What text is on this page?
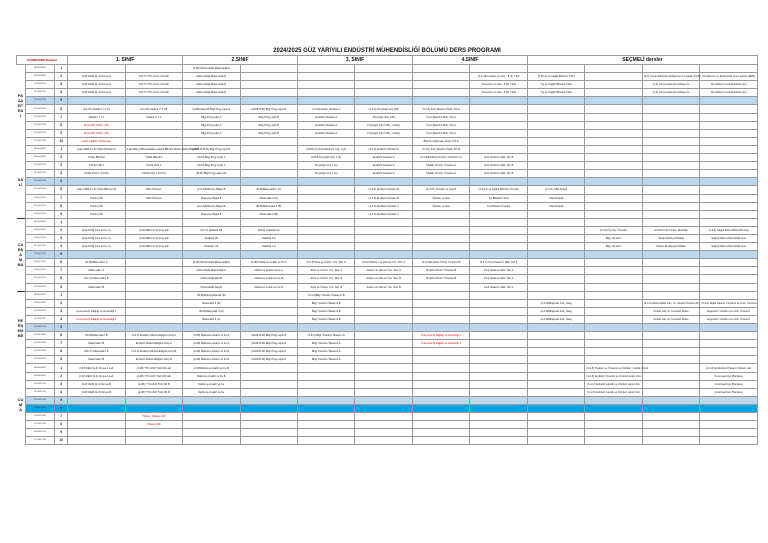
2024/2025 GÜZ YARIYILI ENDÜSTRİ MÜHENDİSLİĞİ BÖLÜMÜ DERS PROGRAMI
HAMMADDE Bölümü			1. SINIF		2.SINIF		3. SINIF		4.SINIF		SEÇMELİ dersler			
PAZARTESİ	08:00-08:50	1			(2-08) Mühendislik Matematiği A									
	09:00-09:50	2	(CAT-DEM 11-3) Kimya A	(CK-5) YTÜ-UUK Türk Dili	Mühendislik Matematiği B					(3-4-6)Prosesler ve Güç - 8.(3) 7.ED	(3-4)Tıp ve Sağlık Bilimleri Tıbbi		(3-4) Computational Intelligence in Logistic (UAB)	Simülasyon ve Endüstride Güç Logistic (ERB)
	10:00-10:50	3	(CAT-DEM 11-3) Kimya A	(CK-5) YTÜ-UUK Türk Dili	Mühendislik Matematiği B					Prosesler ve Güç - 8.(3) 7.ED	Tıp ve Sağlık Bilimleri Tıbbi		(3-4) Computational Intelligence	Simülasyon ve Endüstride Güç
	11:00-11:50	4	(CAT-DEM 11-3) Kimya A	(CK-5) YTÜ-UUK Türk Dili	Mühendislik Matematiği B					Prosesler ve Güç - 8.(3) 7.ED	Tıp ve Sağlık Bilimleri Tıbbi		(3-4) Computational Intelligence	Simülasyon ve Endüstride Güç
	12:00-12:50	5												
	13:00-13:50	6	(CA-07) Atatürk İ.İ.T 1A	(CA-09) Atatürk İ.İ.T 1B	(A208-Ulaş-M) Bilgi Prog.Lojist A	(A208-M-M) Bilgi Prog.Lojist B	(3-4) Endüstri Tesisleri A	(3-4-6) Fizyolojik Güç 1(B)	(3-4-6) Kısıt Tasarımı Mak. Teh A					
	14:00-14:50	7	Atatürk İ.İ.T 1	Atatürk İ.İ.T 1	Bilgi Prog.Lojist A	Bilgi Prog.Lojist B	Endüstri Tesisleri A	Fizyolojik Güç 1(B)	Kısıt Tasarımı Mak. Teh A					
	15:00-15:50	8	Kurumsal Yönet. (YD)		Bilgi Prog.Lojist A	Bilgi Prog.Lojist B	Endüstri Tesisleri A	Fizyolojik Güç 1 (B) - Lab(A)	Kısıt Tasarımı Mak. Teh A					
	16:00-16:50	9	Kurumsal Yönet. (YD)		Bilgi Prog.Lojist A	Bilgi Prog.Lojist B	Endüstri Tesisleri A	Fizyolojik Güç 1 (B) - Lab(A)	Kısıt Tasarımı Mak. Teh A					
	17:00-17:50	10	Loreley Eğitim Danışmanı						Bitirme Çalışması Süreç Teh A					
SALI	08:00-08:50	1	(Lab-LSB13) Lİk Türkle Bilimleri A	(Lab-MSL) Mühendislikte Lojistik Bilimler Mühendisleri Bilimleri	(A208-M-M-M) Bilgi Prog.Lojist B		(A253-2) Lİk Endüstriyel Güç. 1(A)	(3-4-6) Endüstri Tesisleri A	(3-4-6) Kısıt Tasarımı Mak. Teh B					
	09:00-09:50	2	Türkle Bilimleri	Türkle Bilimleri	(M-M) Bilgi Prog.Lojist 1		Lİk/Mİ Fizyolojik Güç 1 (A)	Endüstri Tesisleri A	(3-4-6)Endüstri Ürünler Yönetimi 1 A	Kısıt Tasarımı Mak. Teh B				
	10:00-10:50	3	Türkle Fizik 1	Türkle Fizik 1	(M-M) Bilgi Prog.Lojist 1		Fizyolojik Güç 1 (A)	Endüstri Tesisleri A	Mutlak Ürünler Yönetimi A	Kısıt Tasarımı Mak. Teh B				
	11:00-11:50	4	Türkle Fizik 1 (CA43)	Türkle Fizik 1 (CA47)	(M-M) Bilgi Prog.Lojist 1A)		Fizyolojik Güç 1 (A)	Endüstri Tesisleri A	Mutlak Ürünler Yönetimi A	Kısıt Tasarımı Mak. Teh B				
	12:00-12:50	5												
	13:00-13:50	6	(Lab-LSB13) Lİk Türkle Bilimleri B	MİS Gİrİmsel	(2-4-4)Malzeme Bilgisi B	(B-M)Matematik II (A)		(3-4-6) Endüstri Tesisleri B	(3-4-6T) Tesisler ve Güç B	(3-4)Tıp ve Sağlık Bilimleri Ürünleri	(3-4-6) Tıbbi Sisteti			
	14:00-14:50	7	Türkle Fizik	MİS Gİrİmsel	Malzeme Bilgisi B	Matematik II (A)		(3-4-6) Endüstri Tesisleri B	Tesisler ve Güç	Tıp Bilimleri Ürünl	Tıbbi Sistetik			
	15:00-15:50	8	Türkle Fizik		(2-4-4)Malzeme Bilgisi B	(M-M)Matematik II (B)		(3-4-6) Endüstri Tesisleri 1	Tesisler ve Güç	Tıp Bilimleri Ürünleri	Tıbbi Sistetik			
	16:00-16:50	9	Türkle Fizik		Malzeme Bilgisi B	Matematik II (B)		(3-4-6) Endüstri Tesisleri 1						
ÇARŞAMBA	08:00-08:50	1												
	09:00-09:50	2	(A-M-M-M) Kimi Kimi Lı A	(CAT-DEM 11-3) Kimya B	(D4-T) İstatistik 1B	(2M-3) İstatistik II A						(3-4-6) İŞ Güç Yönetimi	(3-M-M-3-D) Sistem Moduları	(3-4-6) Sağlık Ekim Mühendisi Güç
	10:00-10:50	3	(A-M-M-M) Kimi Kimi Lı A	(CAT-DEM 11-3) Kimya B	İstatistik 1B	İstatistik II A						Bilgi Yönetimi	Sis-Endüstriyel Makas	Sağlığı Ekim Mühendislik Güç
	11:00-11:50	4	(A-M-M-M) Kimi Kimi Lı A	(CAT-DEM 11-3) Kimya B	İstatistik 1 B	İstatistik 1 A						Bilgi Yönetimi	Sistem Endüstriyel Makas	Sağlığı Ekim Mühendislik Güç
	12:00-12:50	5												
	13:00-13:50	6	(B-M)Matematik I A		(2-08) Mühendislik Matematiği A	(2-08) Malzeme Analizi ve Fe A	(3-4-6)Tesis ve Üretim Yön. Sist. A	(3-M-6)Sistem ve Hizmet Yön. Sist. A	(3-4-6)Endüstri Ürünü Yönetimi B	(3-4-6) Kısıt Tasarımı Mak. Teh A				
	14:00-14:50	7	Matematik I A		Mühendislik Matematiği A	Malzeme Analizi ve Fe A	Tesis ve Üretim Yön. Sist. A	Sistem ve Hizmet Yön. Sist. A	Mutlak Ürünler Yönetimi B	Kısıt Tasarımı Mak. Teh A				
	15:00-15:50	8	(DA-T) Matematik I B		Mühendislik Mat B	Malzeme Analizi ve Fe B	Tesis ve Üretim Yön. Sist. B	Sistem ve Hizmet Yön. Sist. B	Mutlak Ürünler Yönetimi B	Kısıt Tasarımı Mak. Teh A				
	16:00-16:50	9	Matematik I B		Mühendislik Mat B	Malzeme Analizi ve Fe B	Tesis ve Üretim Yön. Sist. B	Sistem ve Hizmet Yön. Sist. B		Kısıt Tasarımı Mak. Teh A				
PERŞEMBE	08:00-08:50	1			(M-M)Mühendislik Ek (B)		(3-4-6)Bilgi Yönetimi Tasarımı B							
	09:00-09:50	2			Matematik II (B)		Bilgi Yönetimi Tasarımı B				(3-4-6)Bilişimsel Güç. Sistg		(3-4-6) Mühendislik Güç. ve Yönetimi Kurulu (B)	(3-4-6) Dijital İşletme Yönetimi ve Ürün Yönetimi
	10:00-10:50	3	Kurumsal İş Sağlığı ve Güvenliği 1		(B-M)Matematik II (A)		Bilgi Yönetimi Tasarımı B				(3-4-6)Bilişimsel Güç. Sistg		Kurulu Güç ve Yönetimli Mühe	Ergonomi Yönetimi ve Ürün Yönetimi
	11:00-11:50	4	Kurumsal İş Sağlığı ve Güvenliği 1		Matematik II (A)		Bilgi Yönetimi Tasarımı B				(3-4-6)Bilişimsel Güç. Sistg		Kurulu Güç ve Yönetimli Mühe	Ergonomi Yönetimi ve Ürün Yönetimi
	12:00-12:50	5												
	13:00-13:50	6	(B-M)Matematik I B	(3-4-6) Endüstri Mühendisliğine Giriş A	(2-08) Malzeme Analizi ve Fe A	(A208-M-M) Bilgi Prog.Lojist B	(3-4-6) Bilgi Yönetimi Tasarımı A		Kurumsal İş Sağlığı ve Güvenliği 1					
	14:00-14:50	7	Matematik I B	Endüstri Mühendisliğine Giriş A	(2-08) Malzeme Analizi ve Fe A	(A208-M-M) Bilgi Prog.Lojist B	Bilgi Yönetimi Tasarımı A		Kurumsal İş Sağlığı ve Güvenliği 1					
	15:00-15:50	8	(DA-T) Matematik I B	(3-4-6) Endüstri Mühendisliğine Giriş B	(2-08) Malzeme Analizi ve Fe B	(A208-M-M) Bilgi Prog.Lojist A	Bilgi Yönetimi Tasarımı A							
	16:00-16:50	9	Matematik I B	Endüstri Mühendisliğine Giriş B	(2-08) Malzeme Analizi ve Fe B	(A208-M-M) Bilgi Prog.Lojist A	Bilgi Yönetimi Tasarımı A							
CUMA	08:00-08:50	1	(CAT-DEM 11-3) Kimya A Lab	(2-08) YTÜ-UUK Türk Dili Lab	(2-08)Malzeme Analizi ve Fe B							(3-4-6) Tesisler ve Yönetimi ve Ürünleri, Lojistik Ürünü		(3-4-6) Endüstriyel Tasarım Sistem Lab
	09:00-09:50	2	(CAT-DEM 11-3) Kimya A Lab	(2-08) YTÜ-UUK Türk Dili Lab	Malzeme Analizi ve Fe B							(3-4-6) Endüstri Yönetimi ve Ürünleri Lojist Ürün		Kurumsal Güç Planlama
	10:00-10:50	3	(CAT-DEM 11-3) Kimya B	(2-08) YTÜ-UUK Türk Dili B	Malzeme Analizi ve Fe							(3-4-6) Endüstri Lojistik ve Ürünleri Lojist Ürün		Kurumsal Güç Planlama
	11:00-11:50	4	(CAT-DEM 11-3) Kimya B	(2-08) YTÜ-UUK Türk Dili B	Malzeme Analizi ve Fe							(3-4-6) Endüstri Lojistik ve Ürünleri Lojist Ürün		Kurumsal Güç Planlama
	12:00-12:50	5												
	13:00-13:50	6												
	14:00-14:50	7		Türkçe, Yabancı Dili										
	15:00-15:50	8		Yabancı Dili										
	16:00-16:50	9												
	17:00-17:50	10												
